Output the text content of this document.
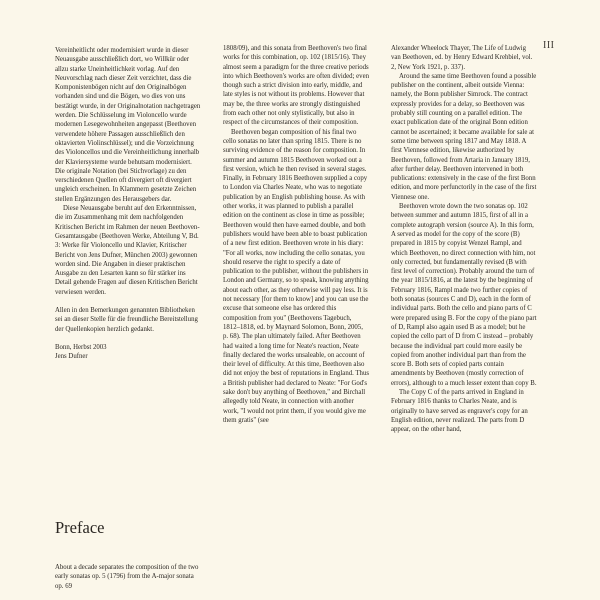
III

Vereinheitlicht oder modernisiert wurde in dieser Neuausgabe ausschließlich dort, wo Willkür oder allzu starke Uneinheitlichkeit vorlag. Auf den Neuvorschlag nach dieser Zeit verzichtet, dass die Komponistenbögen nicht auf den Originalbögen vorhanden sind und die Bögen, wo dies von uns bestätigt wurde, in der Originalnotation nachgetragen werden. Die Schlüsselung im Violoncello wurde modernen Lesegewohnheiten angepasst (Beethoven verwendete höhere Passagen ausschließlich den oktavierten Violinschlüssel); und die Vorzeichnung des Violoncellos und die Vereinheitlichung innerhalb der Klaviersysteme wurde behutsam modernisiert. Die originale Notation (bei Stichvorlage) zu den verschiedenen Quellen oft divergiert oft divergiert ungleich erscheinen. In Klammern gesetzte Zeichen stellen Ergänzungen des Herausgebers dar.

Diese Neuausgabe beruht auf den Erkenntnissen, die im Zusammenhang mit dem nachfolgenden Kritischen Bericht im Rahmen der neuen Beethoven-Gesamtausgabe (Beethoven Werke, Abteilung V, Bd. 3: Werke für Violoncello und Klavier, Kritischer Bericht von Jens Dufner, München 2003) gewonnen worden sind. Die Angaben in dieser praktischen Ausgabe zu den Lesarten kann so für stärker ins Detail gehende Fragen auf diesen Kritischen Bericht verwiesen werden.

Allen in den Bemerkungen genannten Bibliotheken sei an dieser Stelle für die freundliche Bereitstellung der Quellenkopien herzlich gedankt.

Bonn, Herbst 2003

Jens Dufner

Preface

About a decade separates the composition of the two early sonatas op. 5 (1796) from the A-major sonata op. 69

1808/09), and this sonata from Beethoven's two final works for this combination, op. 102 (1815/16). They almost seem a paradigm for the three creative periods into which Beethoven's works are often divided; even though such a strict division into early, middle, and late styles is not without its problems. However that may be, the three works are strongly distinguished from each other not only stylistically, but also in respect of the circumstances of their composition.

Beethoven began composition of his final two cello sonatas no later than spring 1815. There is no surviving evidence of the reason for composition. In summer and autumn 1815 Beethoven worked out a first version, which he then revised in several stages. Finally, in February 1816 Beethoven supplied a copy to London via Charles Neate, who was to negotiate publication by an English publishing house. As with other works, it was planned to publish a parallel edition on the continent as close in time as possible; Beethoven would then have earned double, and both publishers would have been able to boast publication of a new first edition. Beethoven wrote in his diary: "For all works, now including the cello sonatas, you should reserve the right to specify a date of publication to the publisher, without the publishers in London and Germany, so to speak, knowing anything about each other, as they otherwise will pay less. It is not necessary [for them to know] and you can use the excuse that someone else has ordered this composition from you" (Beethovens Tagebuch, 1812–1818, ed. by Maynard Solomon, Bonn, 2005, p. 68). The plan ultimately failed. After Beethoven had waited a long time for Neate's reaction, Neate finally declared the works unsaleable, on account of their level of difficulty. At this time, Beethoven also did not enjoy the best of reputations in England. Thus a British publisher had declared to Neate: "For God's sake don't buy anything of Beethoven," and Birchall allegedly told Neate, in connection with another work, "I would not print them, if you would give me them gratis" (see

Alexander Wheelock Thayer, The Life of Ludwig van Beethoven, ed. by Henry Edward Krehbiel, vol. 2, New York 1921, p. 337).

Around the same time Beethoven found a possible publisher on the continent, albeit outside Vienna: namely, the Bonn publisher Simrock. The contract expressly provides for a delay, so Beethoven was probably still counting on a parallel edition. The exact publication date of the original Bonn edition cannot be ascertained; it became available for sale at some time between spring 1817 and May 1818. A first Viennese edition, likewise authorized by Beethoven, followed from Artaria in January 1819, after further delay. Beethoven intervened in both publications: extensively in the case of the first Bonn edition, and more perfunctorily in the case of the first Viennese one.

Beethoven wrote down the two sonatas op. 102 between summer and autumn 1815, first of all in a complete autograph version (source A). In this form, A served as model for the copy of the score (B) prepared in 1815 by copyist Wenzel Rampl, and which Beethoven, no direct connection with him, not only corrected, but fundamentally revised (B with first level of correction). Probably around the turn of the year 1815/1816, at the latest by the beginning of February 1816, Rampl made two further copies of both sonatas (sources C and D), each in the form of individual parts. Both the cello and piano parts of C were prepared using B. For the copy of the piano part of D, Rampl also again used B as a model; but he copied the cello part of D from C instead – probably because the individual part could more easily be copied from another individual part than from the score B. Both sets of copied parts contain amendments by Beethoven (mostly correction of errors), although to a much lesser extent than copy B.

The Copy C of the parts arrived in England in February 1816 thanks to Charles Neate, and is originally to have served as engraver's copy for an English edition, never realized. The parts from D appear, on the other hand,
